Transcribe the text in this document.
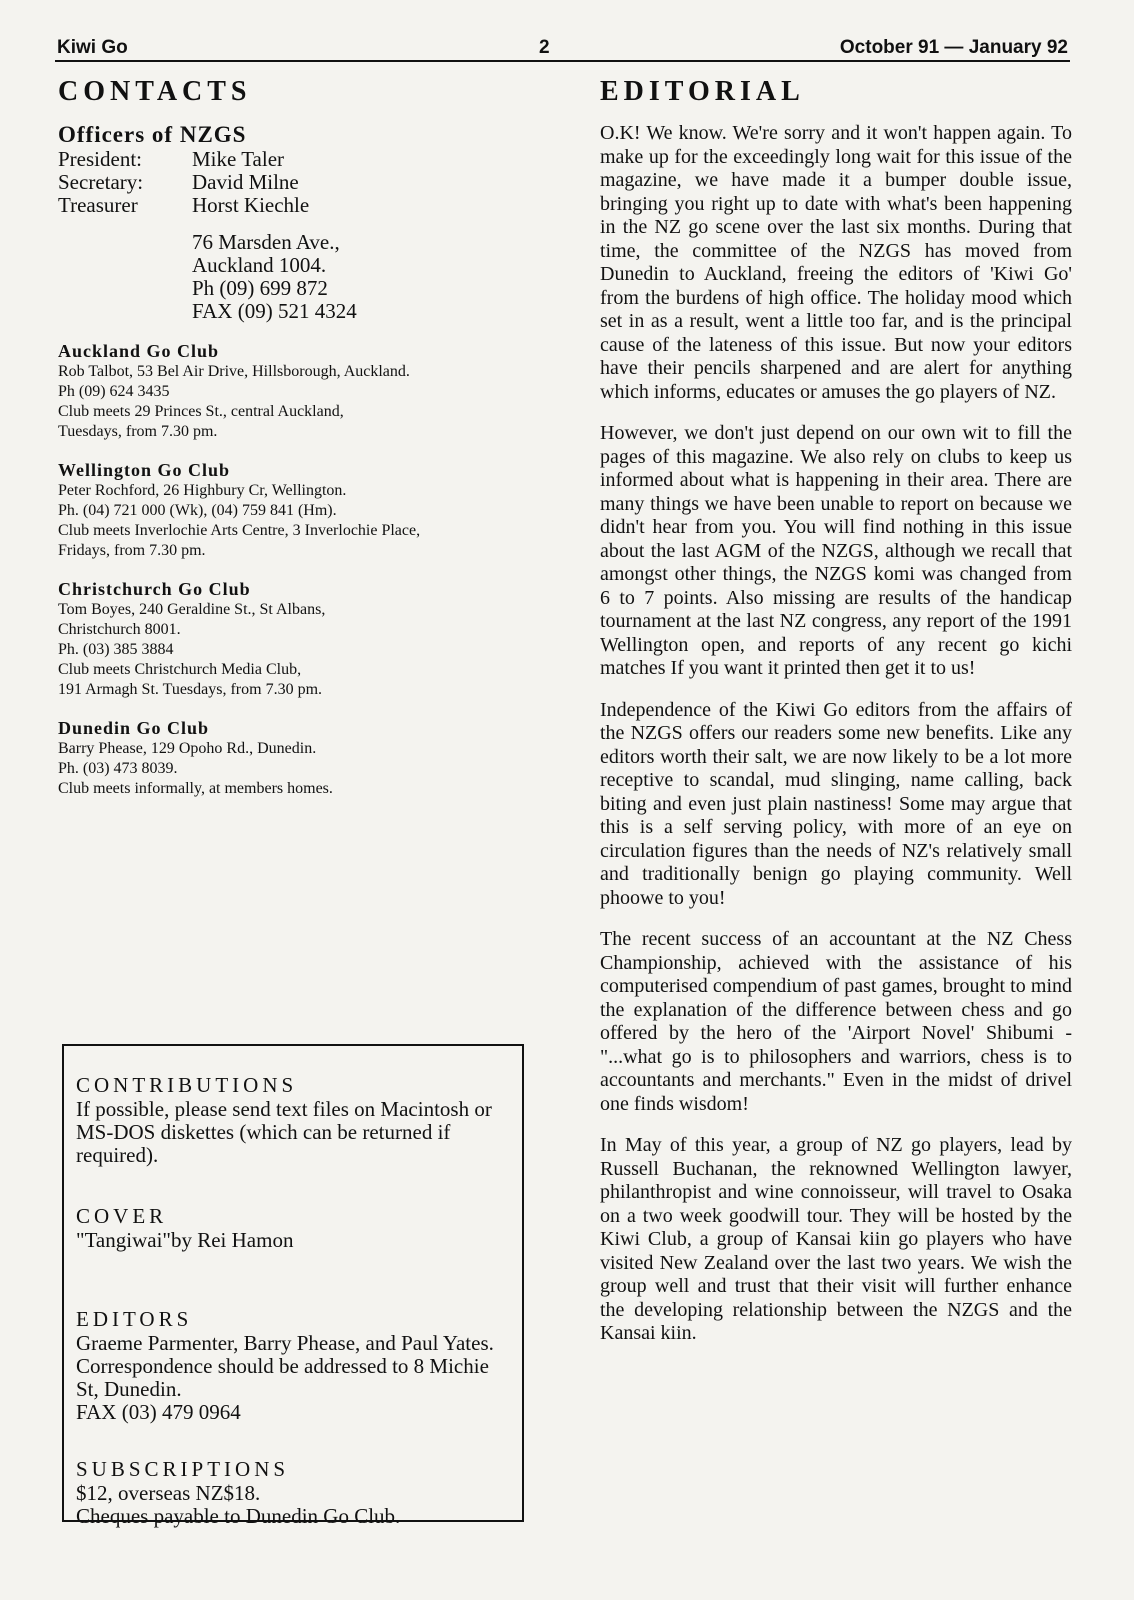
Kiwi Go	2	October 91 — January 92
CONTACTS
Officers of NZGS
President:	Mike Taler
Secretary:	David Milne
Treasurer	Horst Kiechle
76 Marsden Ave.,
Auckland 1004.
Ph (09) 699 872
FAX (09) 521 4324
Auckland Go Club
Rob Talbot, 53 Bel Air Drive, Hillsborough, Auckland.
Ph (09) 624 3435
Club meets 29 Princes St., central Auckland,
Tuesdays, from 7.30 pm.
Wellington Go Club
Peter Rochford, 26 Highbury Cr, Wellington.
Ph. (04) 721 000 (Wk), (04) 759 841 (Hm).
Club meets Inverlochie Arts Centre, 3 Inverlochie Place,
Fridays, from 7.30 pm.
Christchurch Go Club
Tom Boyes, 240 Geraldine St., St Albans,
Christchurch 8001.
Ph. (03) 385 3884
Club meets Christchurch Media Club,
191 Armagh St. Tuesdays, from 7.30 pm.
Dunedin Go Club
Barry Phease, 129 Opoho Rd., Dunedin.
Ph. (03) 473 8039.
Club meets informally, at members homes.
CONTRIBUTIONS
If possible, please send text files on Macintosh or MS-DOS diskettes (which can be returned if required).
COVER
"Tangiwai"by Rei Hamon
EDITORS
Graeme Parmenter, Barry Phease, and Paul Yates. Correspondence should be addressed to 8 Michie St, Dunedin.
FAX (03) 479 0964
SUBSCRIPTIONS
$12, overseas NZ$18.
Cheques payable to Dunedin Go Club.
EDITORIAL

O.K! We know. We're sorry and it won't happen again. To make up for the exceedingly long wait for this issue of the magazine, we have made it a bumper double issue, bringing you right up to date with what's been happening in the NZ go scene over the last six months. During that time, the committee of the NZGS has moved from Dunedin to Auckland, freeing the editors of 'Kiwi Go' from the burdens of high office. The holiday mood which set in as a result, went a little too far, and is the principal cause of the lateness of this issue. But now your editors have their pencils sharpened and are alert for anything which informs, educates or amuses the go players of NZ.

However, we don't just depend on our own wit to fill the pages of this magazine. We also rely on clubs to keep us informed about what is happening in their area. There are many things we have been unable to report on because we didn't hear from you. You will find nothing in this issue about the last AGM of the NZGS, although we recall that amongst other things, the NZGS komi was changed from 6 to 7 points. Also missing are results of the handicap tournament at the last NZ congress, any report of the 1991 Wellington open, and reports of any recent go kichi matches If you want it printed then get it to us!

Independence of the Kiwi Go editors from the affairs of the NZGS offers our readers some new benefits. Like any editors worth their salt, we are now likely to be a lot more receptive to scandal, mud slinging, name calling, back biting and even just plain nastiness! Some may argue that this is a self serving policy, with more of an eye on circulation figures than the needs of NZ's relatively small and traditionally benign go playing community. Well phoowe to you!

The recent success of an accountant at the NZ Chess Championship, achieved with the assistance of his computerised compendium of past games, brought to mind the explanation of the difference between chess and go offered by the hero of the 'Airport Novel' Shibumi - "...what go is to philosophers and warriors, chess is to accountants and merchants." Even in the midst of drivel one finds wisdom!

In May of this year, a group of NZ go players, lead by Russell Buchanan, the reknowned Wellington lawyer, philanthropist and wine connoisseur, will travel to Osaka on a two week goodwill tour. They will be hosted by the Kiwi Club, a group of Kansai kiin go players who have visited New Zealand over the last two years. We wish the group well and trust that their visit will further enhance the developing relationship between the NZGS and the Kansai kiin.
